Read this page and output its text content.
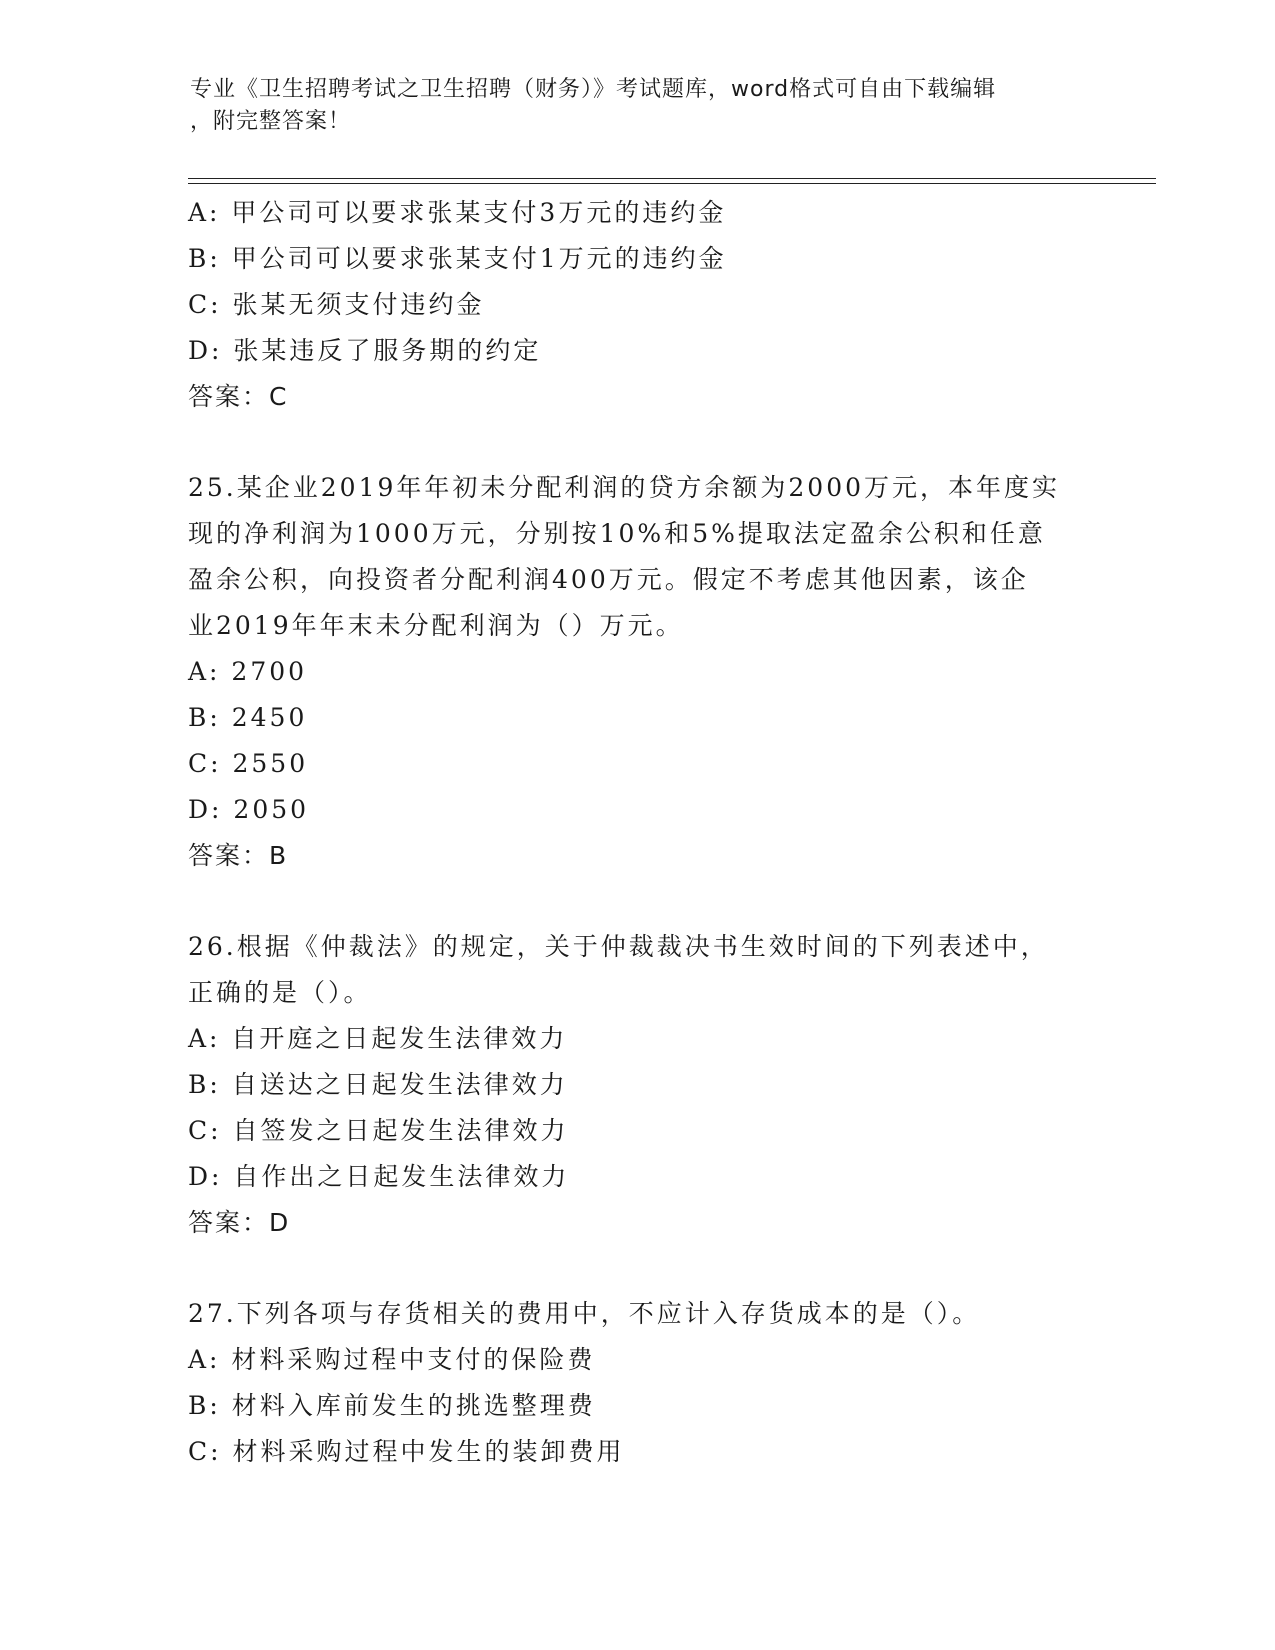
专业《卫生招聘考试之卫生招聘（财务）》考试题库，word格式可自由下载编辑
，附完整答案！
A: 甲公司可以要求张某支付3万元的违约金
B: 甲公司可以要求张某支付1万元的违约金
C: 张某无须支付违约金
D: 张某违反了服务期的约定
答案：C
25.某企业2019年年初未分配利润的贷方余额为2000万元，本年度实
现的净利润为1000万元，分别按10%和5%提取法定盈余公积和任意
盈余公积，向投资者分配利润400万元。假定不考虑其他因素，该企
业2019年年末未分配利润为（）万元。
A: 2700
B: 2450
C: 2550
D: 2050
答案：B
26.根据《仲裁法》的规定，关于仲裁裁决书生效时间的下列表述中，
正确的是（）。
A: 自开庭之日起发生法律效力
B: 自送达之日起发生法律效力
C: 自签发之日起发生法律效力
D: 自作出之日起发生法律效力
答案：D
27.下列各项与存货相关的费用中，不应计入存货成本的是（）。
A: 材料采购过程中支付的保险费
B: 材料入库前发生的挑选整理费
C: 材料采购过程中发生的装卸费用
